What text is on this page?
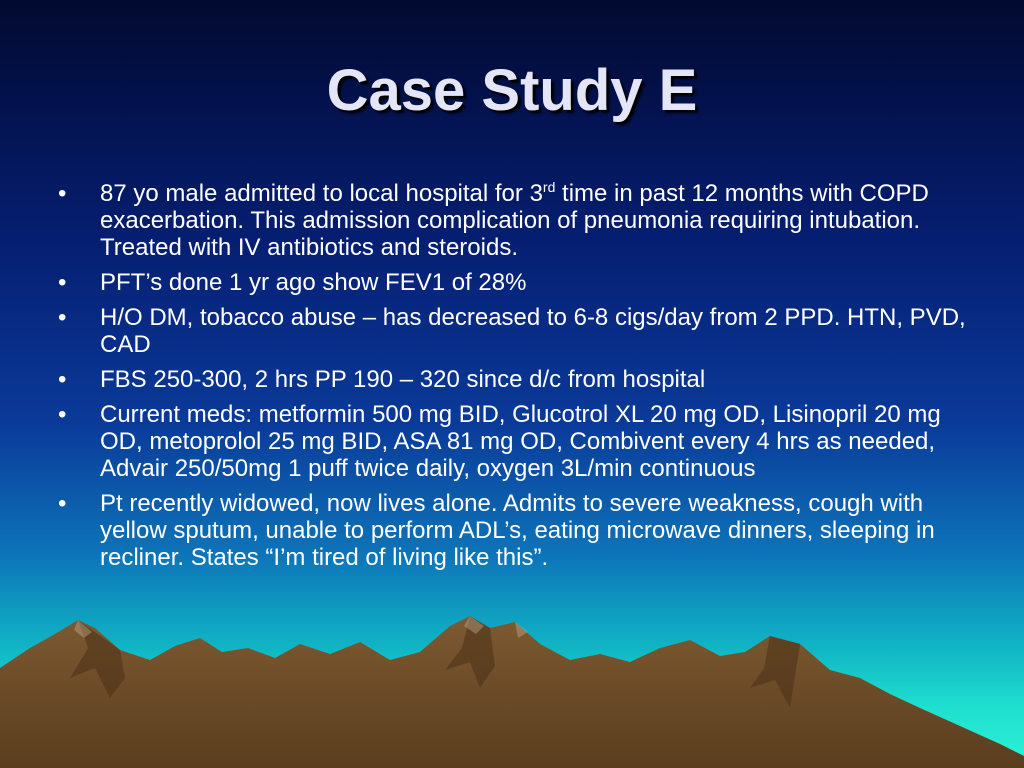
Case Study E
• 87 yo male admitted to local hospital for 3rd time in past 12 months with COPD exacerbation. This admission complication of pneumonia requiring intubation. Treated with IV antibiotics and steroids.
• PFT’s done 1 yr ago show FEV1 of 28%
• H/O DM, tobacco abuse – has decreased to 6-8 cigs/day from 2 PPD. HTN, PVD, CAD
• FBS 250-300, 2 hrs PP 190 – 320 since d/c from hospital
• Current meds: metformin 500 mg BID, Glucotrol XL 20 mg OD, Lisinopril 20 mg OD, metoprolol 25 mg BID, ASA 81 mg OD, Combivent every 4 hrs as needed, Advair 250/50mg 1 puff twice daily, oxygen 3L/min continuous
• Pt recently widowed, now lives alone. Admits to severe weakness, cough with yellow sputum, unable to perform ADL’s, eating microwave dinners, sleeping in recliner. States “I’m tired of living like this”.
